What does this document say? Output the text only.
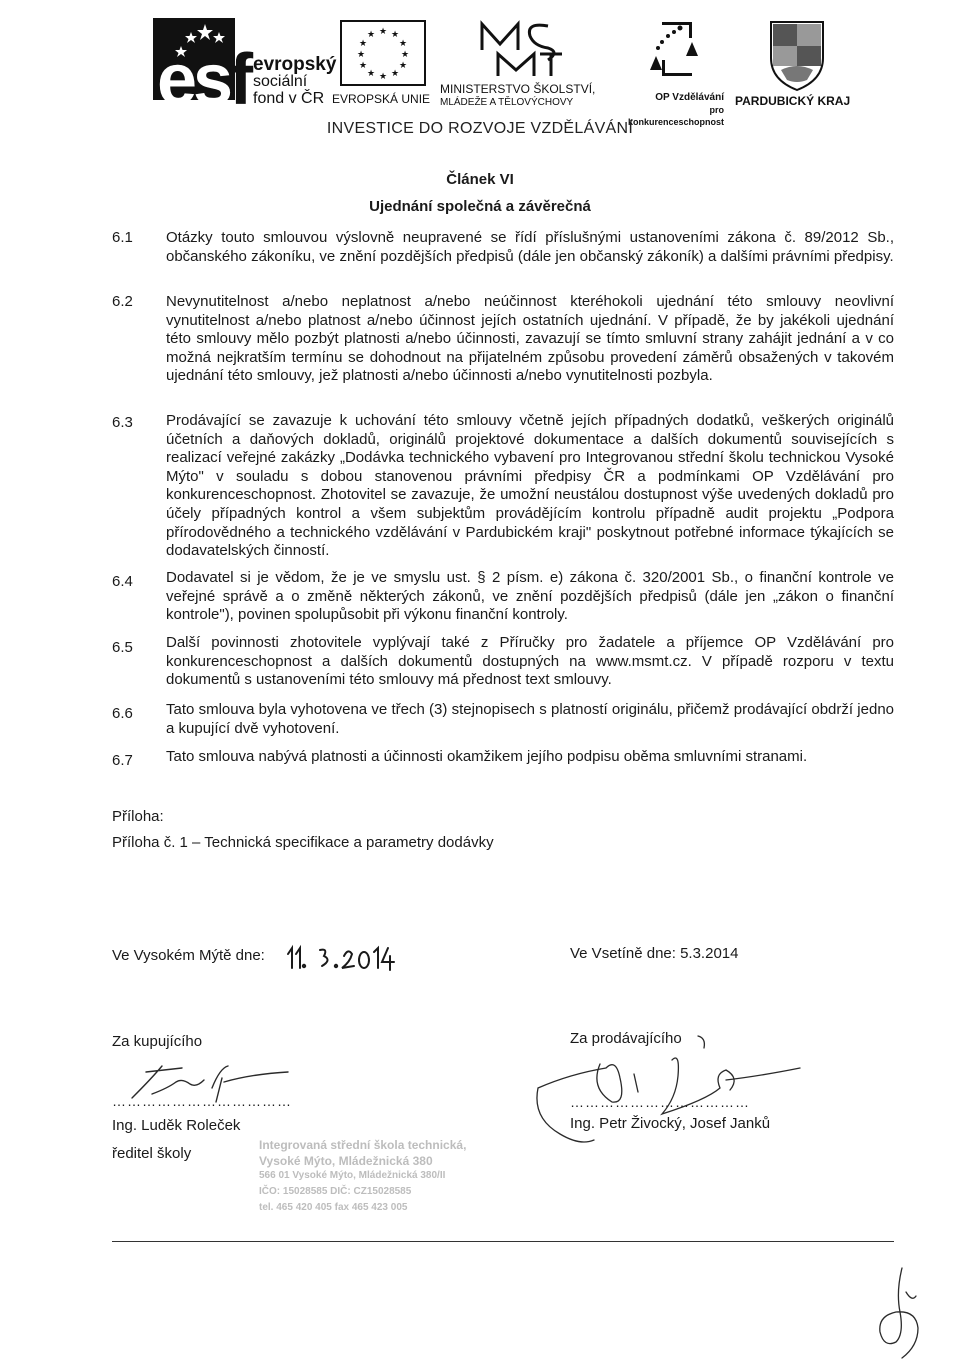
esf evropský
sociální
fond v ČR
★ ★
★
★
★
★
★
★
★
★
★
★
EVROPSKÁ UNIE
MINISTERSTVO ŠKOLSTVÍ,
MLÁDEŽE A TĚLOVÝCHOVY	OP Vzdělávání
pro konkurenceschopnost
PARDUBICKÝ KRAJ
INVESTICE DO ROZVOJE VZDĚLÁVÁNÍ
Článek VI
Ujednání společná a závěrečná
6.1 Otázky touto smlouvou výslovně neupravené se řídí příslušnými ustanoveními zákona č. 89/2012 Sb., občanského zákoníku, ve znění pozdějších předpisů (dále jen občanský zákoník) a dalšími právními předpisy.
6.2 Nevynutitelnost a/nebo neplatnost a/nebo neúčinnost kteréhokoli ujednání této smlouvy neovlivní vynutitelnost a/nebo platnost a/nebo účinnost jejích ostatních ujednání. V případě, že by jakékoli ujednání této smlouvy mělo pozbýt platnosti a/nebo účinnosti, zavazují se tímto smluvní strany zahájit jednání a v co možná nejkratším termínu se dohodnout na přijatelném způsobu provedení záměrů obsažených v takovém ujednání této smlouvy, jež platnosti a/nebo účinnosti a/nebo vynutitelnosti pozbyla.
6.3 Prodávající se zavazuje k uchování této smlouvy včetně jejích případných dodatků, veškerých originálů účetních a daňových dokladů, originálů projektové dokumentace a dalších dokumentů souvisejících s realizací veřejné zakázky „Dodávka technického vybavení pro Integrovanou střední školu technickou Vysoké Mýto" v souladu s dobou stanovenou právními předpisy ČR a podmínkami OP Vzdělávání pro konkurenceschopnost. Zhotovitel se zavazuje, že umožní neustálou dostupnost výše uvedených dokladů pro účely případných kontrol a všem subjektům provádějícím kontrolu případně audit projektu „Podpora přírodovědného a technického vzdělávání v Pardubickém kraji" poskytnout potřebné informace týkajících se dodavatelských činností.
6.4 Dodavatel si je vědom, že je ve smyslu ust. § 2 písm. e) zákona č. 320/2001 Sb., o finanční kontrole ve veřejné správě a o změně některých zákonů, ve znění pozdějších předpisů (dále jen „zákon o finanční kontrole"), povinen spolupůsobit při výkonu finanční kontroly.
6.5 Další povinnosti zhotovitele vyplývají také z Příručky pro žadatele a příjemce OP Vzdělávání pro konkurenceschopnost a dalších dokumentů dostupných na www.msmt.cz. V případě rozporu v textu dokumentů s ustanoveními této smlouvy má přednost text smlouvy.
6.6 Tato smlouva byla vyhotovena ve třech (3) stejnopisech s platností originálu, přičemž prodávající obdrží jedno a kupující dvě vyhotovení.
6.7 Tato smlouva nabývá platnosti a účinnosti okamžikem jejího podpisu oběma smluvními stranami.
Příloha:
Příloha č. 1 – Technická specifikace a parametry dodávky
Ve Vysokém Mýtě dne:
Za kupujícího
………………………………
Ing. Luděk Roleček
ředitel školy	Integrovaná střední škola technická,
Vysoké Mýto, Mládežnická 380
566 01 Vysoké Mýto, Mládežnická 380/II
IČO: 15028585 DIČ: CZ15028585
tel. 465 420 405 fax 465 423 005
Ve Vsetíně dne: 5.3.2014
Za prodávajícího
………………………………
Ing. Petr Živocký, Josef Janků
